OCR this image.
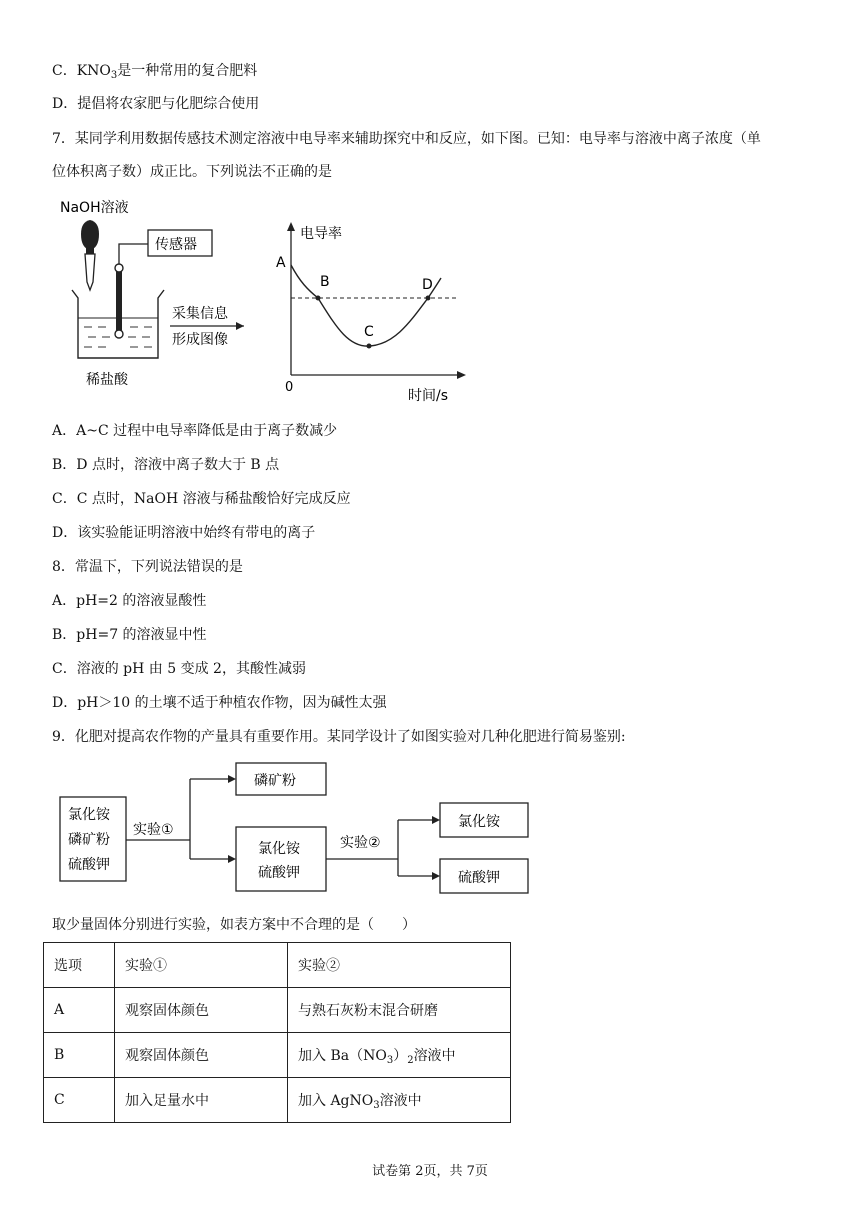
C．$KNO_3$是一种常用的复合肥料
D．提倡将农家肥与化肥综合使用
7．某同学利用数据传感技术测定溶液中电导率来辅助探究中和反应，如下图。已知：电导率与溶液中离子浓度（单
位体积离子数）成正比。下列说法不正确的是
NaOH溶液
传感器
稀盐酸
采集信息
形成图像
电导率
时间/s
0
A
B
C
D
A．A~C 过程中电导率降低是由于离子数减少
B．D 点时，溶液中离子数大于 B 点
C．C 点时，NaOH 溶液与稀盐酸恰好完成反应
D．该实验能证明溶液中始终有带电的离子
8．常温下，下列说法错误的是
A．pH=2 的溶液显酸性
B．pH=7 的溶液显中性
C．溶液的 pH 由 5 变成 2，其酸性减弱
D．pH＞10 的土壤不适于种植农作物，因为碱性太强
9．化肥对提高农作物的产量具有重要作用。某同学设计了如图实验对几种化肥进行简易鉴别:
氯化铵
磷矿粉
硫酸钾
磷矿粉
氯化铵
硫酸钾
氯化铵
硫酸钾
实验①
实验②
取少量固体分别进行实验，如表方案中不合理的是（　　）
选项	实验①	实验②
A	观察固体颜色	与熟石灰粉末混合研磨
B	观察固体颜色	加入 $Ba(NO_3)_2$溶液中
C	加入足量水中	加入 AgNO$_3$溶液中
试卷第 2页，共 7页
